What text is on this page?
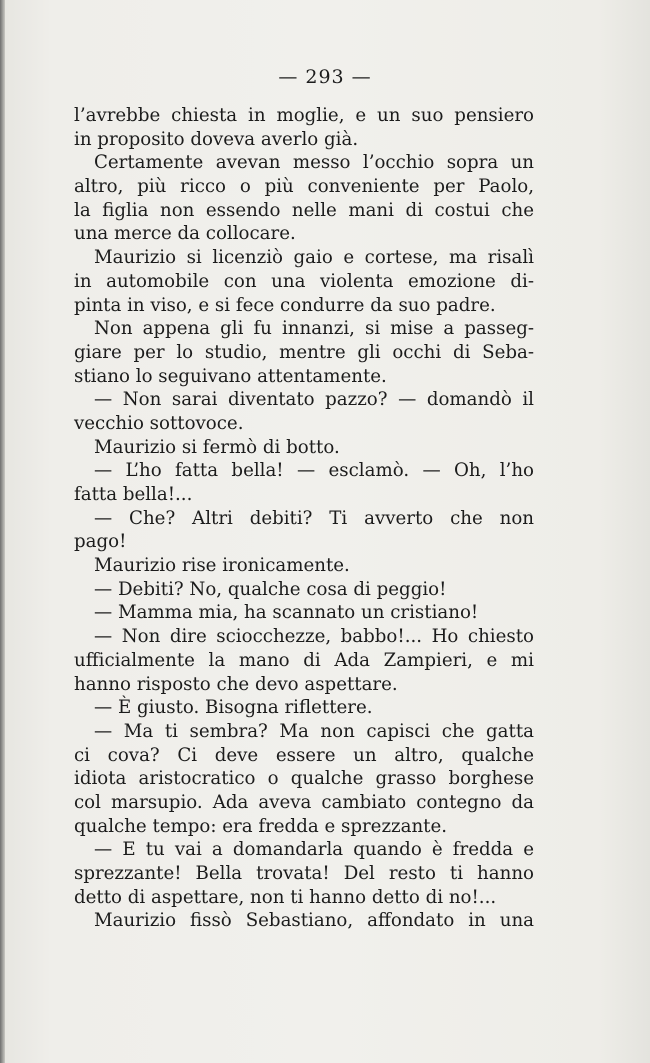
— 293 —
l’avrebbe chiesta in moglie, e un suo pensiero
in proposito doveva averlo già.
Certamente avevan messo l’occhio sopra un
altro, più ricco o più conveniente per Paolo,
la figlia non essendo nelle mani di costui che
una merce da collocare.
Maurizio si licenziò gaio e cortese, ma risalì
in automobile con una violenta emozione di-
pinta in viso, e si fece condurre da suo padre.
Non appena gli fu innanzi, si mise a passeg-
giare per lo studio, mentre gli occhi di Seba-
stiano lo seguivano attentamente.
— Non sarai diventato pazzo? — domandò il
vecchio sottovoce.
Maurizio si fermò di botto.
— L’ho fatta bella! — esclamò. — Oh, l’ho
fatta bella!...
— Che? Altri debiti? Ti avverto che non
pago!
Maurizio rise ironicamente.
— Debiti? No, qualche cosa di peggio!
— Mamma mia, ha scannato un cristiano!
— Non dire sciocchezze, babbo!... Ho chiesto
ufficialmente la mano di Ada Zampieri, e mi
hanno risposto che devo aspettare.
— È giusto. Bisogna riflettere.
— Ma ti sembra? Ma non capisci che gatta
ci cova? Ci deve essere un altro, qualche
idiota aristocratico o qualche grasso borghese
col marsupio. Ada aveva cambiato contegno da
qualche tempo: era fredda e sprezzante.
— E tu vai a domandarla quando è fredda e
sprezzante! Bella trovata! Del resto ti hanno
detto di aspettare, non ti hanno detto di no!...
Maurizio fissò Sebastiano, affondato in una
